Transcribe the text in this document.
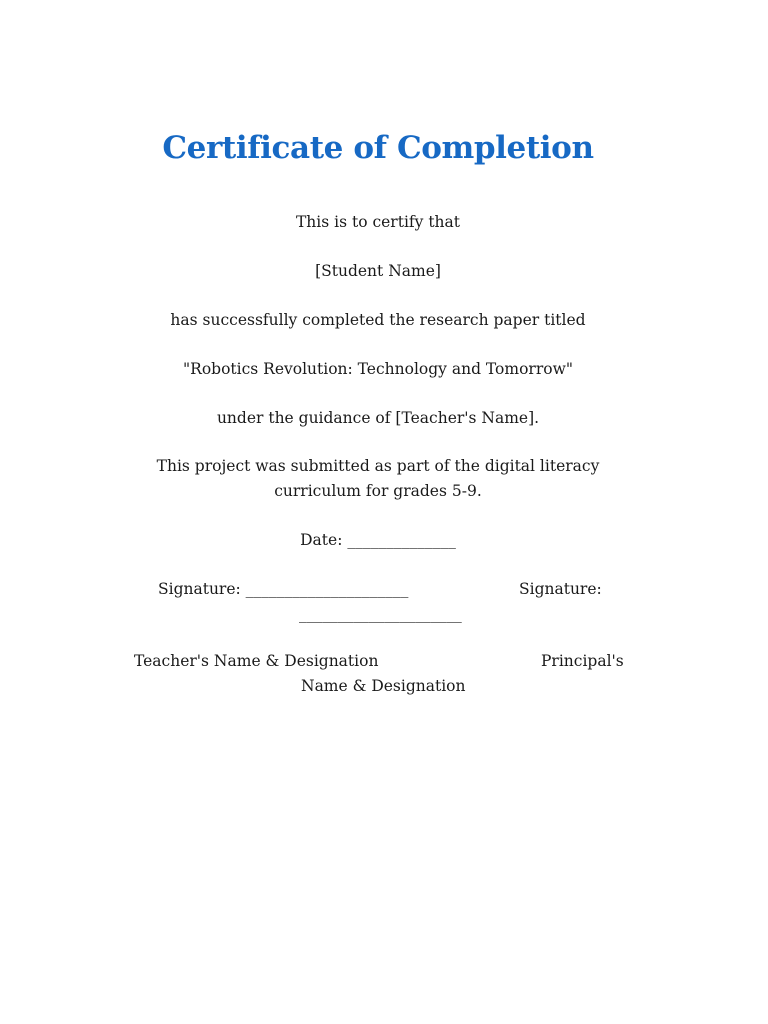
Certificate of Completion
This is to certify that
[Student Name]
has successfully completed the research paper titled
"Robotics Revolution: Technology and Tomorrow"
under the guidance of [Teacher's Name].
This project was submitted as part of the digital literacy curriculum for grades 5-9.
Date: ______________
Signature: _____________________	Signature:
_____________________
Teacher's Name & Designation	Principal's
Name & Designation
